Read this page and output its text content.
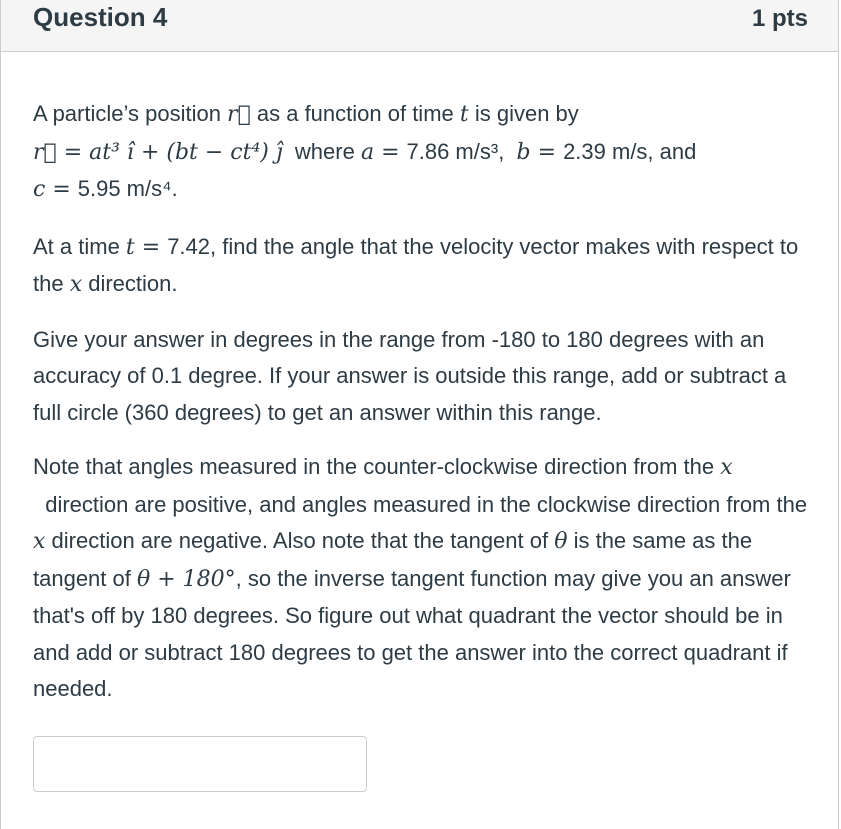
Question 4	1 pts

A particle’s position r⃗ as a function of time t is given by
r⃗ = at³ î + (bt − ct⁴) ĵ where a = 7.86 m/s³, b = 2.39 m/s, and
c = 5.95 m/s⁴.

At a time t = 7.42, find the angle that the velocity vector makes with respect to the x direction.

Give your answer in degrees in the range from -180 to 180 degrees with an accuracy of 0.1 degree. If your answer is outside this range, add or subtract a full circle (360 degrees) to get an answer within this range.

Note that angles measured in the counter-clockwise direction from the x
direction are positive, and angles measured in the clockwise direction from the x direction are negative. Also note that the tangent of θ is the same as the tangent of θ + 180°, so the inverse tangent function may give you an answer that's off by 180 degrees. So figure out what quadrant the vector should be in and add or subtract 180 degrees to get the answer into the correct quadrant if needed.
